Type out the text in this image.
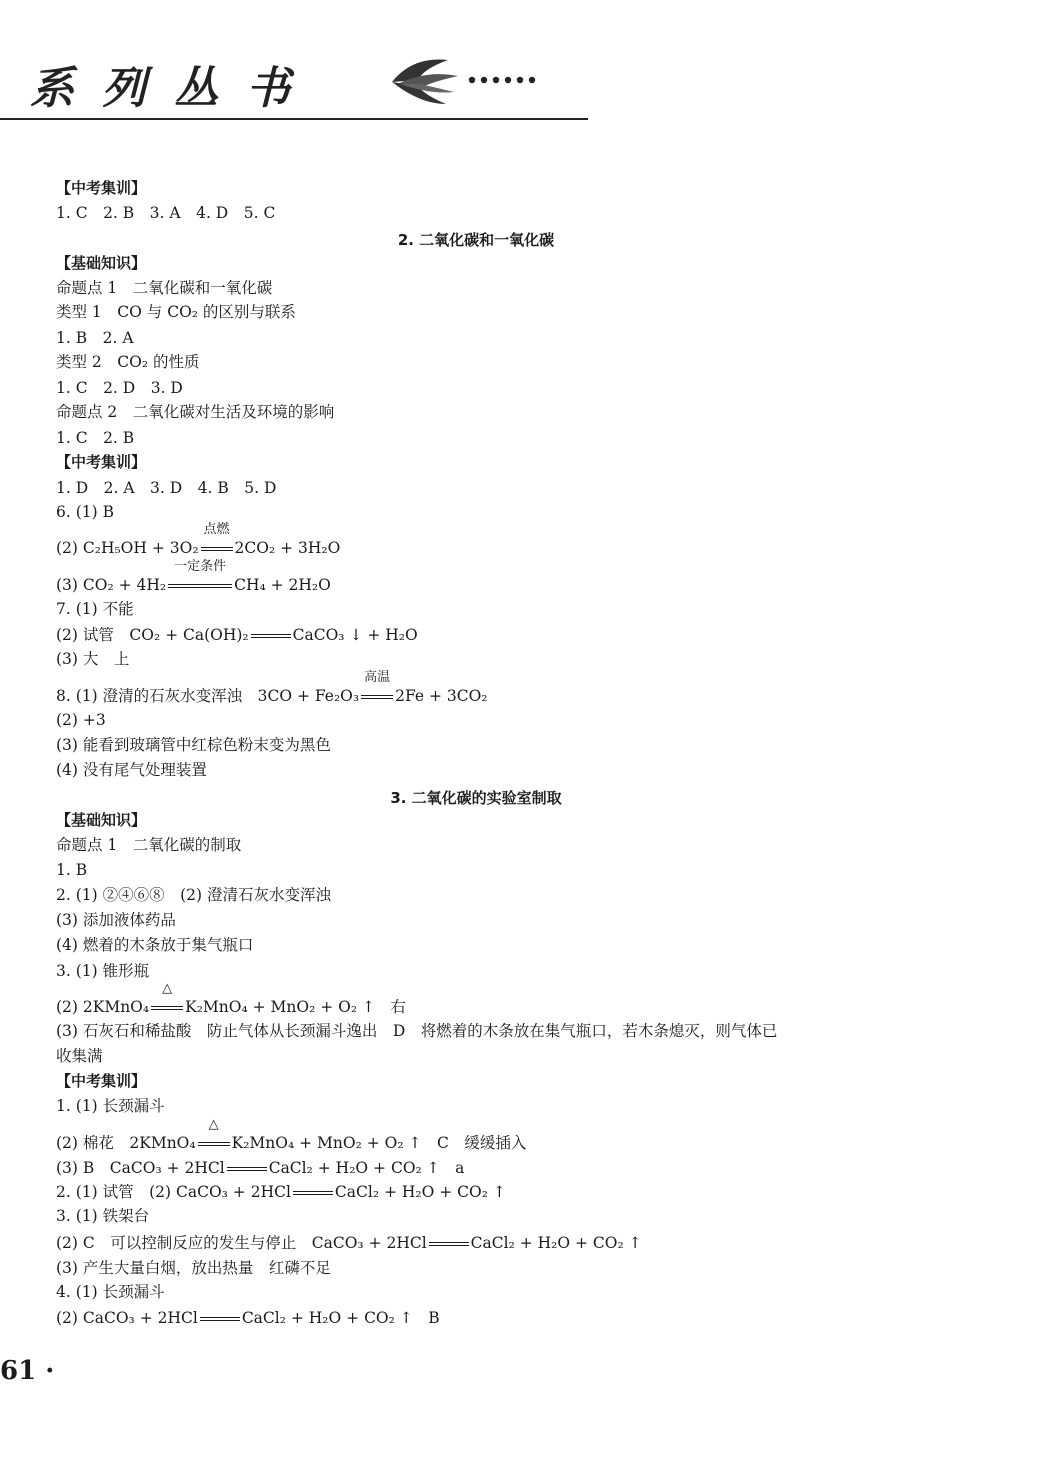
系列丛书
【中考集训】
1. C　2. B　3. A　4. D　5. C
2. 二氧化碳和一氧化碳
【基础知识】
命题点 1　二氧化碳和一氧化碳
类型 1　CO 与 CO₂ 的区别与联系
1. B　2. A
类型 2　CO₂ 的性质
1. C　2. D　3. D
命题点 2　二氧化碳对生活及环境的影响
1. C　2. B
【中考集训】
1. D　2. A　3. D　4. B　5. D
6. (1) B
(2) C₂H₅OH + 3O₂
点燃
2CO₂ + 3H₂O
(3) CO₂ + 4H₂
一定条件
CH₄ + 2H₂O
7. (1) 不能
(2) 试管　CO₂ + Ca(OH)₂	CaCO₃ ↓ + H₂O
(3) 大　上
8. (1) 澄清的石灰水变浑浊　3CO + Fe₂O₃
高温
2Fe + 3CO₂
(2) +3
(3) 能看到玻璃管中红棕色粉末变为黑色
(4) 没有尾气处理装置
3. 二氧化碳的实验室制取
【基础知识】
命题点 1　二氧化碳的制取
1. B
2. (1) ②④⑥⑧　(2) 澄清石灰水变浑浊
(3) 添加液体药品
(4) 燃着的木条放于集气瓶口
3. (1) 锥形瓶
(2) 2KMnO₄
△
K₂MnO₄ + MnO₂ + O₂ ↑　右
(3) 石灰石和稀盐酸　防止气体从长颈漏斗逸出　D　将燃着的木条放在集气瓶口，若木条熄灭，则气体已
收集满
【中考集训】
1. (1) 长颈漏斗
(2) 棉花　2KMnO₄
△
K₂MnO₄ + MnO₂ + O₂ ↑　C　缓缓插入
(3) B　CaCO₃ + 2HCl	CaCl₂ + H₂O + CO₂ ↑　a
2. (1) 试管　(2) CaCO₃ + 2HCl	CaCl₂ + H₂O + CO₂ ↑
3. (1) 铁架台
(2) C　可以控制反应的发生与停止　CaCO₃ + 2HCl	CaCl₂ + H₂O + CO₂ ↑
(3) 产生大量白烟，放出热量　红磷不足
4. (1) 长颈漏斗
(2) CaCO₃ + 2HCl	CaCl₂ + H₂O + CO₂ ↑　B
61 ·
